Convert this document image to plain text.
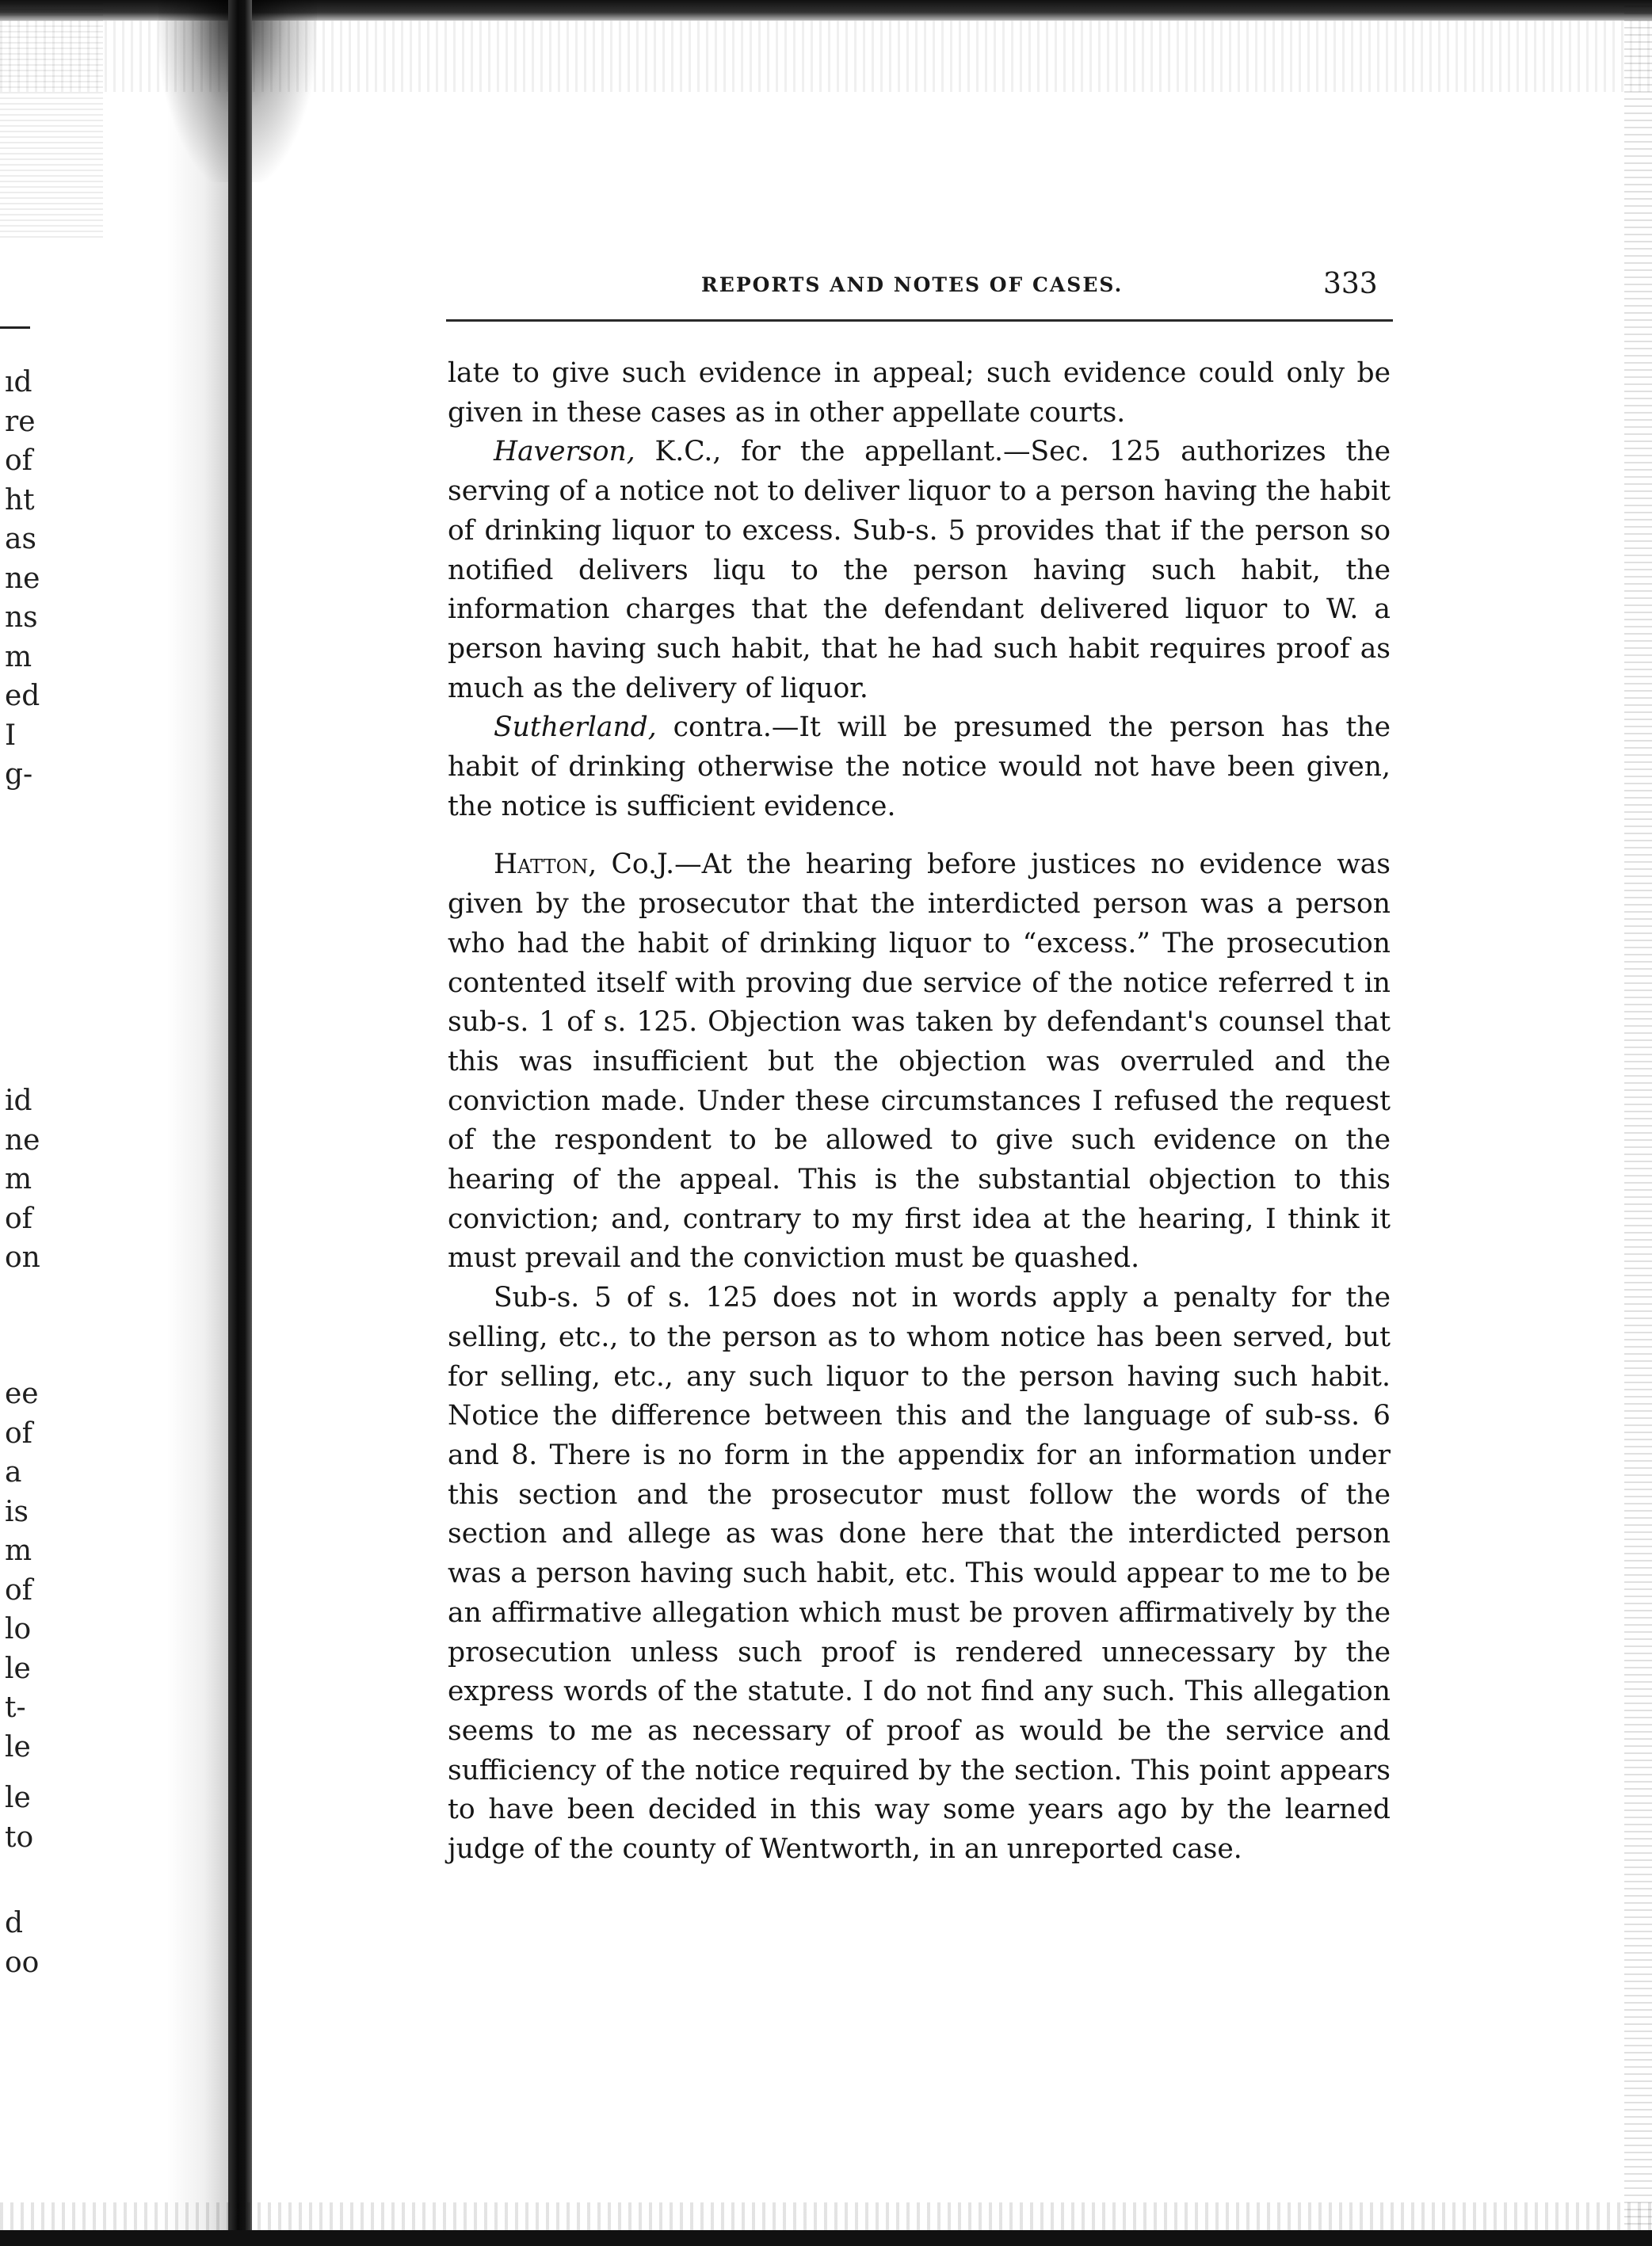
ıd
re
of
ht
as
ne
ns
m
ed
I
g-
id
ne
m
of
on
ee
of
a
is
m
of
lo
le
t-
le
le
to
d
oo
REPORTS AND NOTES OF CASES.	333

late to give such evidence in appeal; such evidence could only be given in these cases as in other appellate courts.

Haverson, K.C., for the appellant.—Sec. 125 authorizes the serving of a notice not to deliver liquor to a person having the habit of drinking liquor to excess. Sub-s. 5 provides that if the person so notified delivers liqu to the person having such habit, the information charges that the defendant delivered liquor to W. a person having such habit, that he had such habit requires proof as much as the delivery of liquor.

Sutherland, contra.—It will be presumed the person has the habit of drinking otherwise the notice would not have been given, the notice is sufficient evidence.

Hatton, Co.J.—At the hearing before justices no evidence was given by the prosecutor that the interdicted person was a person who had the habit of drinking liquor to “excess.” The prosecution contented itself with proving due service of the notice referred t in sub-s. 1 of s. 125. Objection was taken by defendant's counsel that this was insufficient but the objection was overruled and the conviction made. Under these circumstances I refused the request of the respondent to be allowed to give such evidence on the hearing of the appeal. This is the substantial objection to this conviction; and, contrary to my first idea at the hearing, I think it must prevail and the conviction must be quashed.

Sub-s. 5 of s. 125 does not in words apply a penalty for the selling, etc., to the person as to whom notice has been served, but for selling, etc., any such liquor to the person having such habit. Notice the difference between this and the language of sub-ss. 6 and 8. There is no form in the appendix for an information under this section and the prosecutor must follow the words of the section and allege as was done here that the interdicted person was a person having such habit, etc. This would appear to me to be an affirmative allegation which must be proven affirmatively by the prosecution unless such proof is rendered unnecessary by the express words of the statute. I do not find any such. This allegation seems to me as necessary of proof as would be the service and sufficiency of the notice required by the section. This point appears to have been decided in this way some years ago by the learned judge of the county of Wentworth, in an unreported case.
